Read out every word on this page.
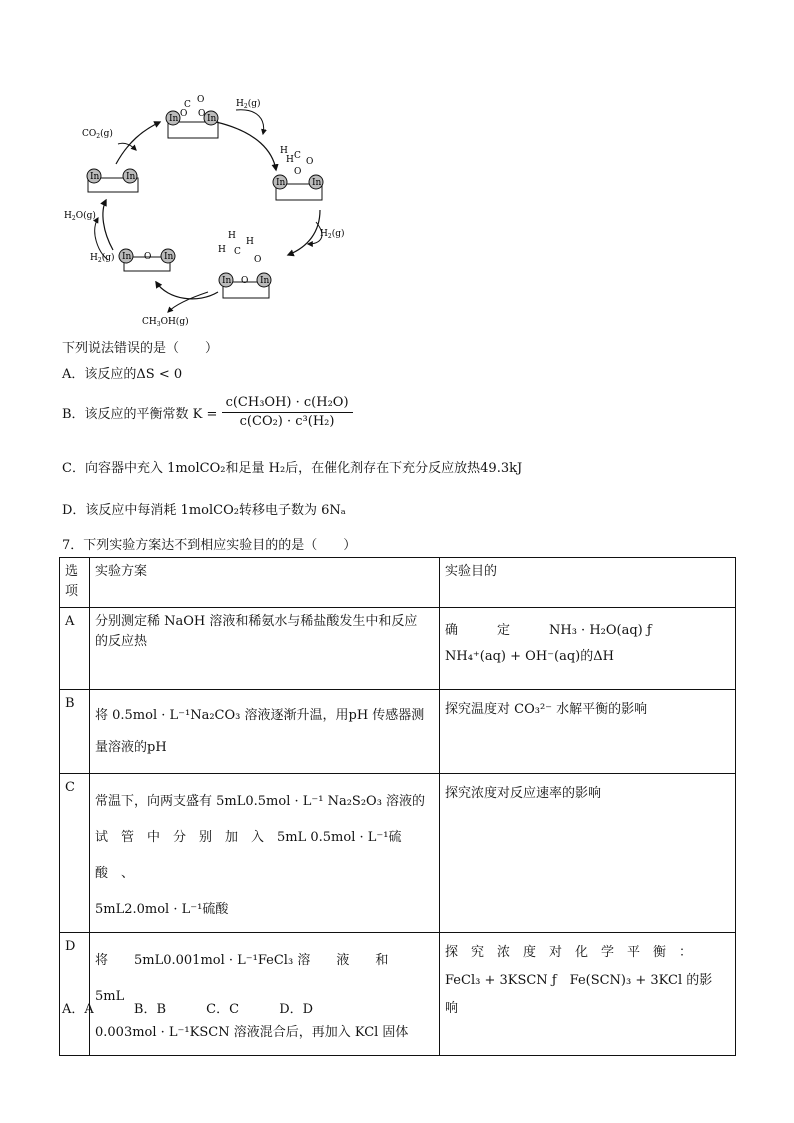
In	In
O
C
O O
In	In
H
H C
O
O
In	In
O
H
H
H
C
O
In	In
O
In	In
$CO_2(g)$
$H_2(g)$
$H_2(g)$
$H_2O(g)$
$H_2(g)$
$CH_3OH(g)$
下列说法错误的是（　　）
A．该反应的ΔS < 0
B．该反应的平衡常数 $K = \frac{\text{c(CH₃OH) · c(H₂O)}}{\text{c(CO₂) · c³(H₂)}}$
C．向容器中充入 1molCO₂和足量 H₂后，在催化剂存在下充分反应放热49.3kJ
D．该反应中每消耗 1molCO₂转移电子数为 6Nₐ
7．下列实验方案达不到相应实验目的的是（　　）
选项	实验方案	实验目的
A	分别测定稀 NaOH 溶液和稀氨水与稀盐酸发生中和反应
的反应热	确　　　定　　　NH₃ · H₂O(aq) ƒ
NH₄⁺(aq) + OH⁻(aq)的ΔH

B	将 0.5mol · L⁻¹Na₂CO₃ 溶液逐渐升温，用pH 传感器测
量溶液的pH	探究温度对 CO₃²⁻ 水解平衡的影响

C	常温下，向两支盛有 5mL0.5mol · L⁻¹ Na₂S₂O₃ 溶液的
试　管　中　分　别　加　入　5mL 0.5mol · L⁻¹硫　酸　、
5mL2.0mol · L⁻¹硫酸	探究浓度对反应速率的影响

D	将　　5mL0.001mol · L⁻¹FeCl₃ 溶　　液　　和　　5mL
0.003mol · L⁻¹KSCN 溶液混合后，再加入 KCl 固体	探　究　浓　度　对　化　学　平　衡　：
FeCl₃ + 3KSCN ƒ　Fe(SCN)₃ + 3KCl 的影
响
A．A	B．B	C．C	D．D
